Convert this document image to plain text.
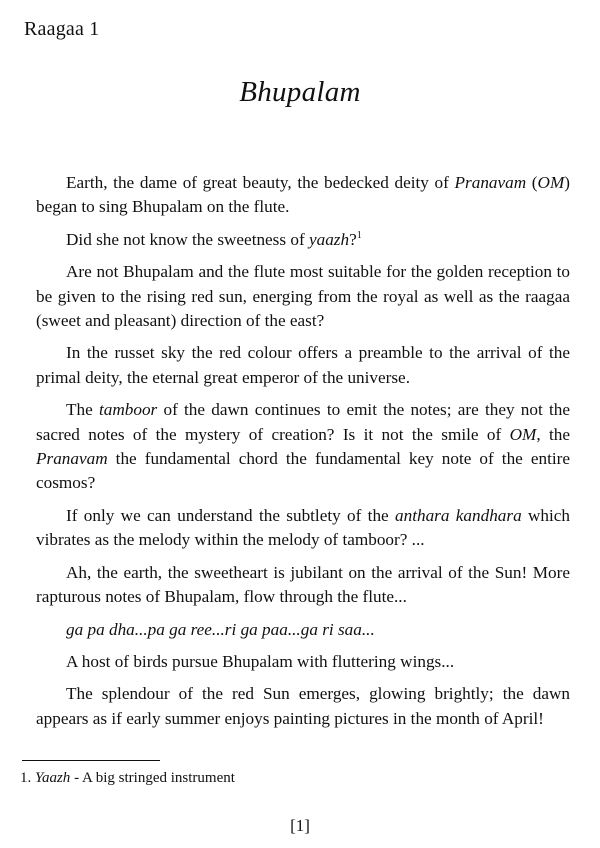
Raagaa 1
Bhupalam

Earth, the dame of great beauty, the bedecked deity of Pranavam (OM) began to sing Bhupalam on the flute.

Did she not know the sweetness of yaazh?$^1$

Are not Bhupalam and the flute most suitable for the golden reception to be given to the rising red sun, energing from the royal as well as the raagaa (sweet and pleasant) direction of the east?

In the russet sky the red colour offers a preamble to the arrival of the primal deity, the eternal great emperor of the universe.

The tamboor of the dawn continues to emit the notes; are they not the sacred notes of the mystery of creation? Is it not the smile of OM, the Pranavam the fundamental chord the fundamental key note of the entire cosmos?

If only we can understand the subtlety of the anthara kandhara which vibrates as the melody within the melody of tamboor? ...

Ah, the earth, the sweetheart is jubilant on the arrival of the Sun! More rapturous notes of Bhupalam, flow through the flute...

ga pa dha...pa ga ree...ri ga paa...ga ri saa...

A host of birds pursue Bhupalam with fluttering wings...

The splendour of the red Sun emerges, glowing brightly; the dawn appears as if early summer enjoys painting pictures in the month of April!

1. Yaazh - A big stringed instrument
[1]
